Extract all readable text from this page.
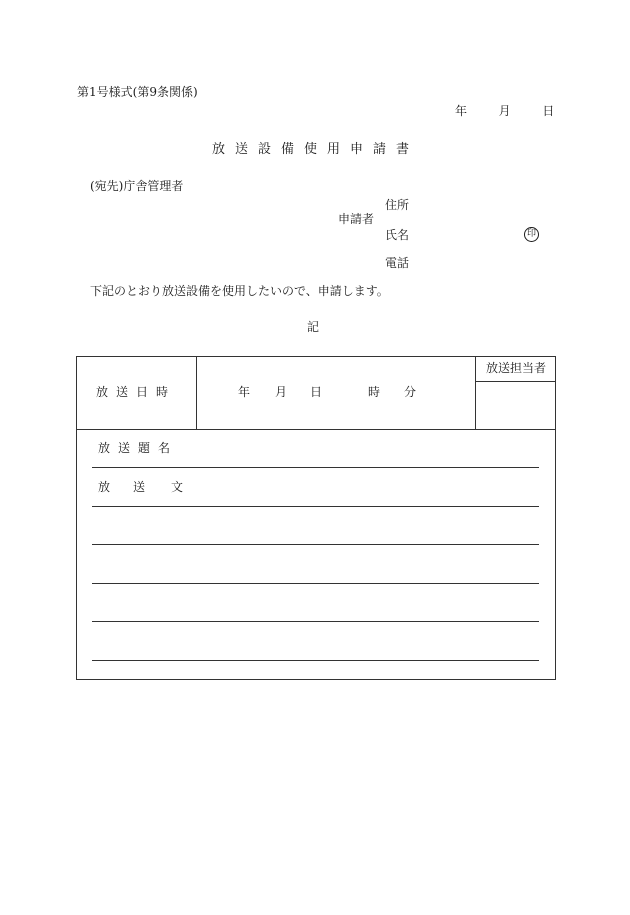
第1号様式(第9条関係)
年	月	日
放送設備使用申請書
(宛先)庁舎管理者
申請者
住所
氏名	印
電話
下記のとおり放送設備を使用したいので、申請します。
記
放送日時	年 月 日	時 分
放送担当者
放送題名
放 送 文
